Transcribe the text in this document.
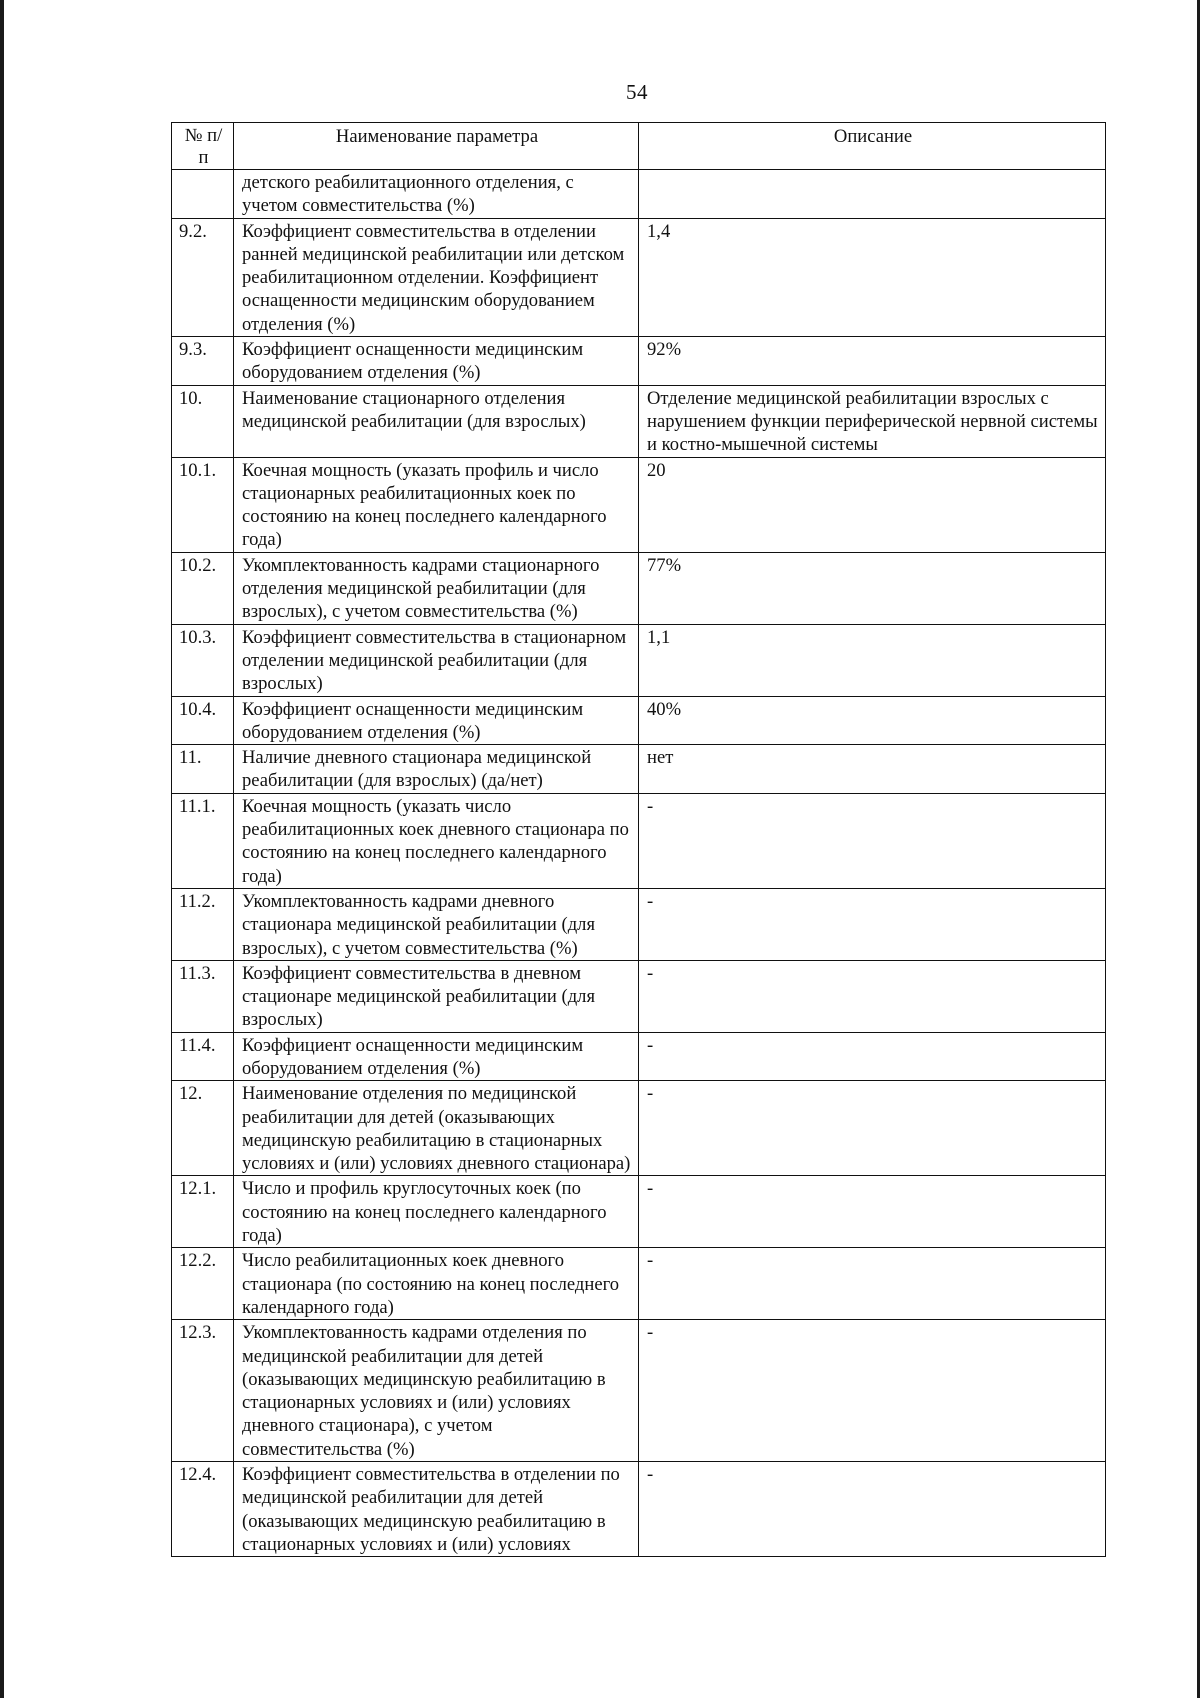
54
№ п/п	Наименование параметра	Описание
	детского реабилитационного отделения, с учетом совместительства (%)	
9.2.	Коэффициент совместительства в отделении ранней медицинской реабилитации или детском реабилитационном отделении. Коэффициент оснащенности медицинским оборудованием отделения (%)	1,4
9.3.	Коэффициент оснащенности медицинским оборудованием отделения (%)	92%
10.	Наименование стационарного отделения медицинской реабилитации (для взрослых)	Отделение медицинской реабилитации взрослых с нарушением функции периферической нервной системы и костно-мышечной системы
10.1.	Коечная мощность (указать профиль и число стационарных реабилитационных коек по состоянию на конец последнего календарного года)	20
10.2.	Укомплектованность кадрами стационарного отделения медицинской реабилитации (для взрослых), с учетом совместительства (%)	77%
10.3.	Коэффициент совместительства в стационарном отделении медицинской реабилитации (для взрослых)	1,1
10.4.	Коэффициент оснащенности медицинским оборудованием отделения (%)	40%
11.	Наличие дневного стационара медицинской реабилитации (для взрослых) (да/нет)	нет
11.1.	Коечная мощность (указать число реабилитационных коек дневного стационара по состоянию на конец последнего календарного года)	-
11.2.	Укомплектованность кадрами дневного стационара медицинской реабилитации (для взрослых), с учетом совместительства (%)	-
11.3.	Коэффициент совместительства в дневном стационаре медицинской реабилитации (для взрослых)	-
11.4.	Коэффициент оснащенности медицинским оборудованием отделения (%)	-
12.	Наименование отделения по медицинской реабилитации для детей (оказывающих медицинскую реабилитацию в стационарных условиях и (или) условиях дневного стационара)	-
12.1.	Число и профиль круглосуточных коек (по состоянию на конец последнего календарного года)	-
12.2.	Число реабилитационных коек дневного стационара (по состоянию на конец последнего календарного года)	-
12.3.	Укомплектованность кадрами отделения по медицинской реабилитации для детей (оказывающих медицинскую реабилитацию в стационарных условиях и (или) условиях дневного стационара), с учетом совместительства (%)	-
12.4.	Коэффициент совместительства в отделении по медицинской реабилитации для детей (оказывающих медицинскую реабилитацию в стационарных условиях и (или) условиях	-
